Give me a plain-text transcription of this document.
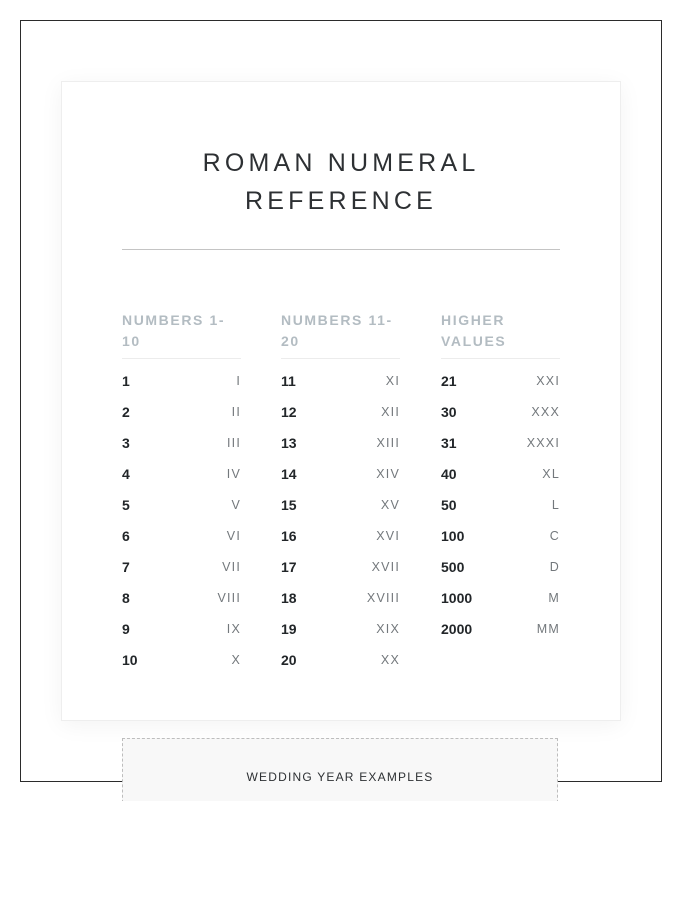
ROMAN NUMERAL
REFERENCE
NUMBERS 1-10
1	I
2	II
3	III
4	IV
5	V
6	VI
7	VII
8	VIII
9	IX
10	X
NUMBERS 11-20
11	XI
12	XII
13	XIII
14	XIV
15	XV
16	XVI
17	XVII
18	XVIII
19	XIX
20	XX
HIGHER VALUES
21	XXI
30	XXX
31	XXXI
40	XL
50	L
100	C
500	D
1000	M
2000	MM
WEDDING YEAR EXAMPLES
